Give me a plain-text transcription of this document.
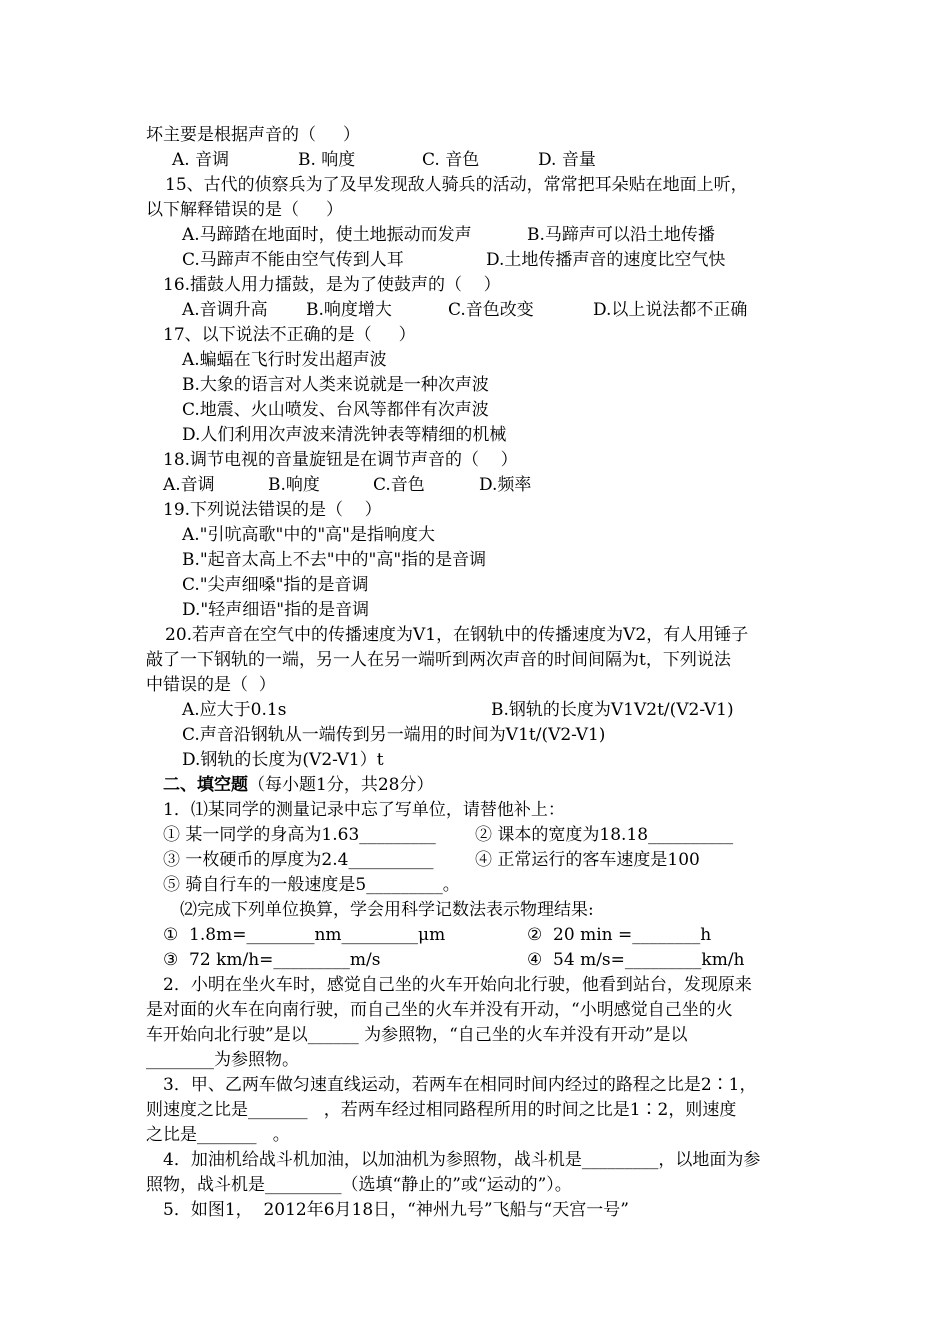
坏主要是根据声音的（     ）
A. 音调	B. 响度	C. 音色	D. 音量
15、古代的侦察兵为了及早发现敌人骑兵的活动，常常把耳朵贴在地面上听，
以下解释错误的是（     ）
A.马蹄踏在地面时，使土地振动而发声	B.马蹄声可以沿土地传播
C.马蹄声不能由空气传到人耳	D.土地传播声音的速度比空气快
16.擂鼓人用力擂鼓，是为了使鼓声的（    ）
A.音调升高 B.响度增大	C.音色改变	D.以上说法都不正确
17、以下说法不正确的是（     ）
A.蝙蝠在飞行时发出超声波
B.大象的语言对人类来说就是一种次声波
C.地震、火山喷发、台风等都伴有次声波
D.人们利用次声波来清洗钟表等精细的机械
18.调节电视的音量旋钮是在调节声音的（    ）
A.音调	B.响度	C.音色	D.频率
19.下列说法错误的是（    ）
A."引吭高歌"中的"高"是指响度大
B."起音太高上不去"中的"高"指的是音调
C."尖声细嗓"指的是音调
D."轻声细语"指的是音调
20.若声音在空气中的传播速度为V1，在钢轨中的传播速度为V2，有人用锤子
敲了一下钢轨的一端，另一人在另一端听到两次声音的时间间隔为t，下列说法
中错误的是（  ）
A.应大于0.1s	B.钢轨的长度为V1V2t/(V2-V1)
C.声音沿钢轨从一端传到另一端用的时间为V1t/(V2-V1)
D.钢轨的长度为(V2-V1）t
二、填空题 （每小题1分，共28分）
1．⑴某同学的测量记录中忘了写单位，请替他补上：
① 某一同学的身高为1.63_________ ② 课本的宽度为18.18__________
③ 一枚硬币的厚度为2.4__________ ④ 正常运行的客车速度是100
⑤ 骑自行车的一般速度是5_________。
⑵完成下列单位换算，学会用科学记数法表示物理结果:
①  1.8m=________nm_________μm	②  20 min =________h
③  72 km/h=_________m/s	④  54 m/s=_________km/h
2．小明在坐火车时，感觉自己坐的火车开始向北行驶，他看到站台，发现原来
是对面的火车在向南行驶，而自己坐的火车并没有开动，“小明感觉自己坐的火
车开始向北行驶”是以______ 为参照物，“自己坐的火车并没有开动”是以
________为参照物。
3．甲、乙两车做匀速直线运动，若两车在相同时间内经过的路程之比是2∶1，
则速度之比是_______   ，若两车经过相同路程所用的时间之比是1∶2，则速度
之比是_______   。
4．加油机给战斗机加油，以加油机为参照物，战斗机是_________，以地面为参
照物，战斗机是_________（选填“静止的”或“运动的”）。
5．如图1，  2012年6月18日，“神州九号”飞船与“天宫一号”
